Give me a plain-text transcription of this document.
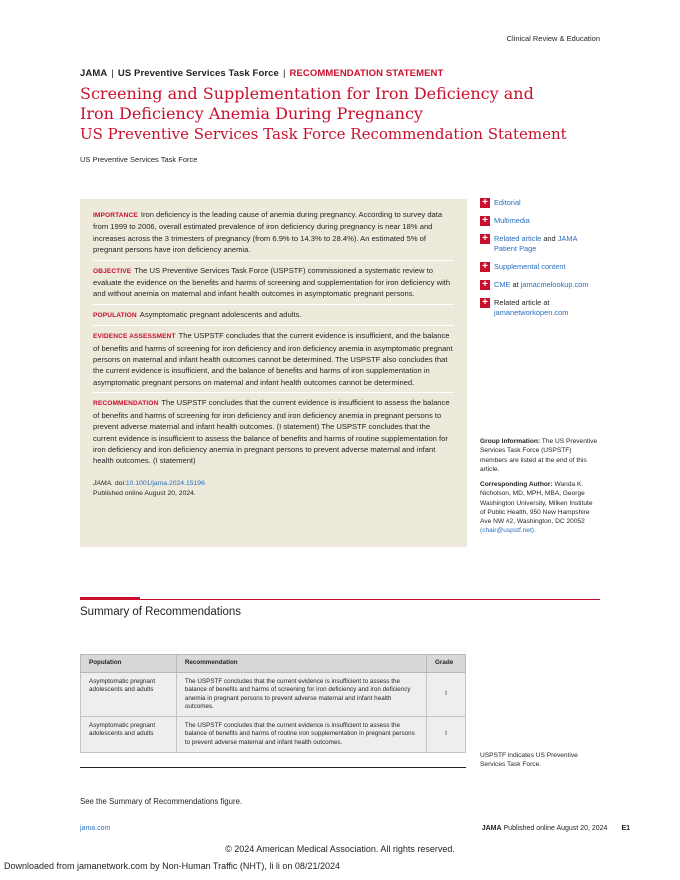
Clinical Review & Education
JAMA | US Preventive Services Task Force | RECOMMENDATION STATEMENT
Screening and Supplementation for Iron Deficiency and Iron Deficiency Anemia During Pregnancy
US Preventive Services Task Force Recommendation Statement
US Preventive Services Task Force

IMPORTANCE Iron deficiency is the leading cause of anemia during pregnancy. According to survey data from 1999 to 2006, overall estimated prevalence of iron deficiency during pregnancy is near 18% and increases across the 3 trimesters of pregnancy (from 6.9% to 14.3% to 28.4%). An estimated 5% of pregnant persons have iron deficiency anemia.

OBJECTIVE The US Preventive Services Task Force (USPSTF) commissioned a systematic review to evaluate the evidence on the benefits and harms of screening and supplementation for iron deficiency with and without anemia on maternal and infant health outcomes in asymptomatic pregnant persons.

POPULATION Asymptomatic pregnant adolescents and adults.

EVIDENCE ASSESSMENT The USPSTF concludes that the current evidence is insufficient, and the balance of benefits and harms of screening for iron deficiency and iron deficiency anemia in asymptomatic pregnant persons on maternal and infant health outcomes cannot be determined. The USPSTF also concludes that the current evidence is insufficient, and the balance of benefits and harms of iron supplementation in asymptomatic pregnant persons on maternal and infant health outcomes cannot be determined.

RECOMMENDATION The USPSTF concludes that the current evidence is insufficient to assess the balance of benefits and harms of screening for iron deficiency and iron deficiency anemia in pregnant persons to prevent adverse maternal and infant health outcomes. (I statement) The USPSTF concludes that the current evidence is insufficient to assess the balance of benefits and harms of routine supplementation for iron deficiency and iron deficiency anemia in pregnant persons to prevent adverse maternal and infant health outcomes. (I statement)

JAMA. doi:10.1001/jama.2024.15196
Published online August 20, 2024.
+ Editorial
+ Multimedia
+ Related article and JAMA Patient Page
+ Supplemental content
+ CME at jamacmelookup.com
+ Related article at
jamanetworkopen.com
Group Information: The US Preventive Services Task Force (USPSTF) members are listed at the end of this article.
Corresponding Author: Wanda K. Nicholson, MD, MPH, MBA, George Washington University, Milken Institute of Public Health, 950 New Hampshire Ave NW #2, Washington, DC 20052
(chair@uspstf.net).
Summary of Recommendations
Population	Recommendation	Grade
Asymptomatic pregnant adolescents and adults	The USPSTF concludes that the current evidence is insufficient to assess the balance of benefits and harms of screening for iron deficiency and iron deficiency anemia in pregnant persons to prevent adverse maternal and infant health outcomes.	I
Asymptomatic pregnant adolescents and adults	The USPSTF concludes that the current evidence is insufficient to assess the balance of benefits and harms of routine iron supplementation in pregnant persons to prevent adverse maternal and infant health outcomes.	I
USPSTF indicates US Preventive Services Task Force.
See the Summary of Recommendations figure.
jama.com	JAMA Published online August 20, 2024 E1
© 2024 American Medical Association. All rights reserved.
Downloaded from jamanetwork.com by Non-Human Traffic (NHT), li li on 08/21/2024
